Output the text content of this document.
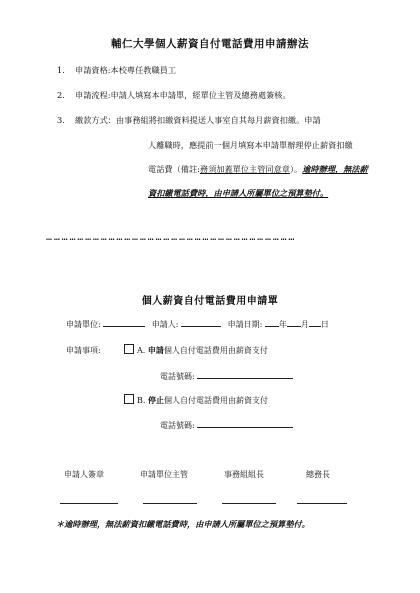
輔仁大學個人薪資自付電話費用申請辦法
1. 申請資格:本校專任教職員工
2. 申請流程:申請人填寫本申請單，經單位主管及總務處簽核。
3. 繳款方式：由事務組將扣繳資料提送人事室自其每月薪資扣繳。申請
人離職時，應提前一個月填寫本申請單辦理停止薪資扣繳
電話費（備註:務須加蓋單位主管同意章）。逾時辦理，無法薪
資扣繳電話費時，由申請人所屬單位之預算墊付。
……………………………………………………………………………………
個人薪資自付電話費用申請單
申請單位:	申請人:	申請日期: 年 月 日
申請事項:	A. 申請個人自付電話費用由薪資支付
電話號碼:
B. 停止個人自付電話費用由薪資支付
電話號碼:
申請人簽章	申請單位主管	事務組組長	總務長
＊逾時辦理，無法薪資扣繳電話費時，由申請人所屬單位之預算墊付。
